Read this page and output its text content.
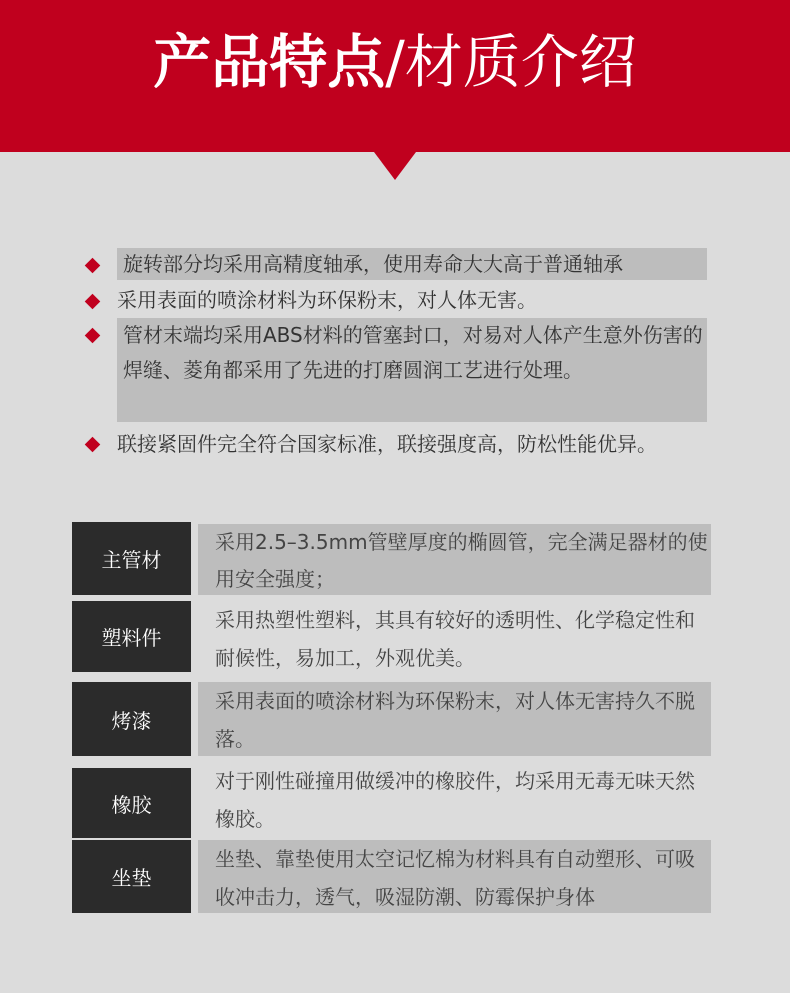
产品特点/材质介绍
旋转部分均采用高精度轴承，使用寿命大大高于普通轴承
采用表面的喷涂材料为环保粉末，对人体无害。
管材末端均采用ABS材料的管塞封口，对易对人体产生意外伤害的焊缝、菱角都采用了先进的打磨圆润工艺进行处理。
联接紧固件完全符合国家标准，联接强度高，防松性能优异。
主管材
采用2.5–3.5mm管壁厚度的椭圆管，完全满足器材的使用安全强度；
塑料件
采用热塑性塑料，其具有较好的透明性、化学稳定性和耐候性，易加工，外观优美。
烤漆
采用表面的喷涂材料为环保粉末，对人体无害持久不脱落。
橡胶
对于刚性碰撞用做缓冲的橡胶件，均采用无毒无味天然橡胶。
坐垫
坐垫、靠垫使用太空记忆棉为材料具有自动塑形、可吸收冲击力，透气，吸湿防潮、防霉保护身体
